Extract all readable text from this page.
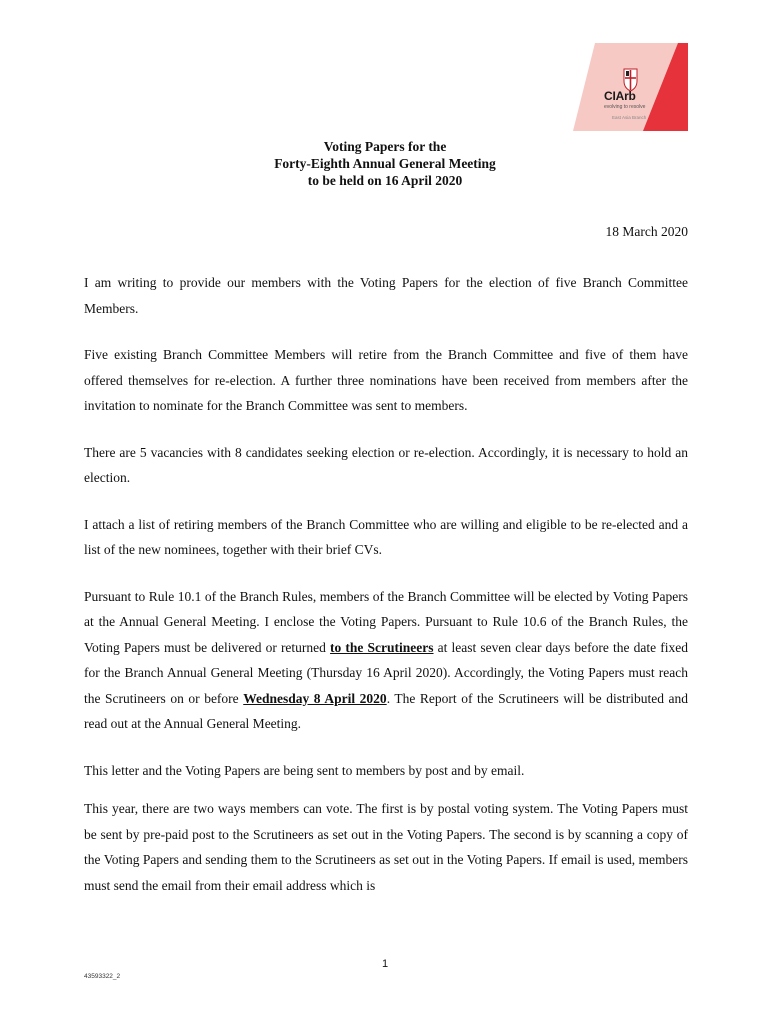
CIArb
evolving to resolve
East Asia Branch
Voting Papers for the
Forty-Eighth Annual General Meeting
to be held on 16 April 2020
18 March 2020

I am writing to provide our members with the Voting Papers for the election of five Branch Committee Members.

Five existing Branch Committee Members will retire from the Branch Committee and five of them have offered themselves for re-election. A further three nominations have been received from members after the invitation to nominate for the Branch Committee was sent to members.

There are 5 vacancies with 8 candidates seeking election or re-election. Accordingly, it is necessary to hold an election.

I attach a list of retiring members of the Branch Committee who are willing and eligible to be re-elected and a list of the new nominees, together with their brief CVs.

Pursuant to Rule 10.1 of the Branch Rules, members of the Branch Committee will be elected by Voting Papers at the Annual General Meeting. I enclose the Voting Papers. Pursuant to Rule 10.6 of the Branch Rules, the Voting Papers must be delivered or returned to the Scrutineers at least seven clear days before the date fixed for the Branch Annual General Meeting (Thursday 16 April 2020). Accordingly, the Voting Papers must reach the Scrutineers on or before Wednesday 8 April 2020. The Report of the Scrutineers will be distributed and read out at the Annual General Meeting.

This letter and the Voting Papers are being sent to members by post and by email.

This year, there are two ways members can vote. The first is by postal voting system. The Voting Papers must be sent by pre-paid post to the Scrutineers as set out in the Voting Papers. The second is by scanning a copy of the Voting Papers and sending them to the Scrutineers as set out in the Voting Papers. If email is used, members must send the email from their email address which is

1
43593322_2
